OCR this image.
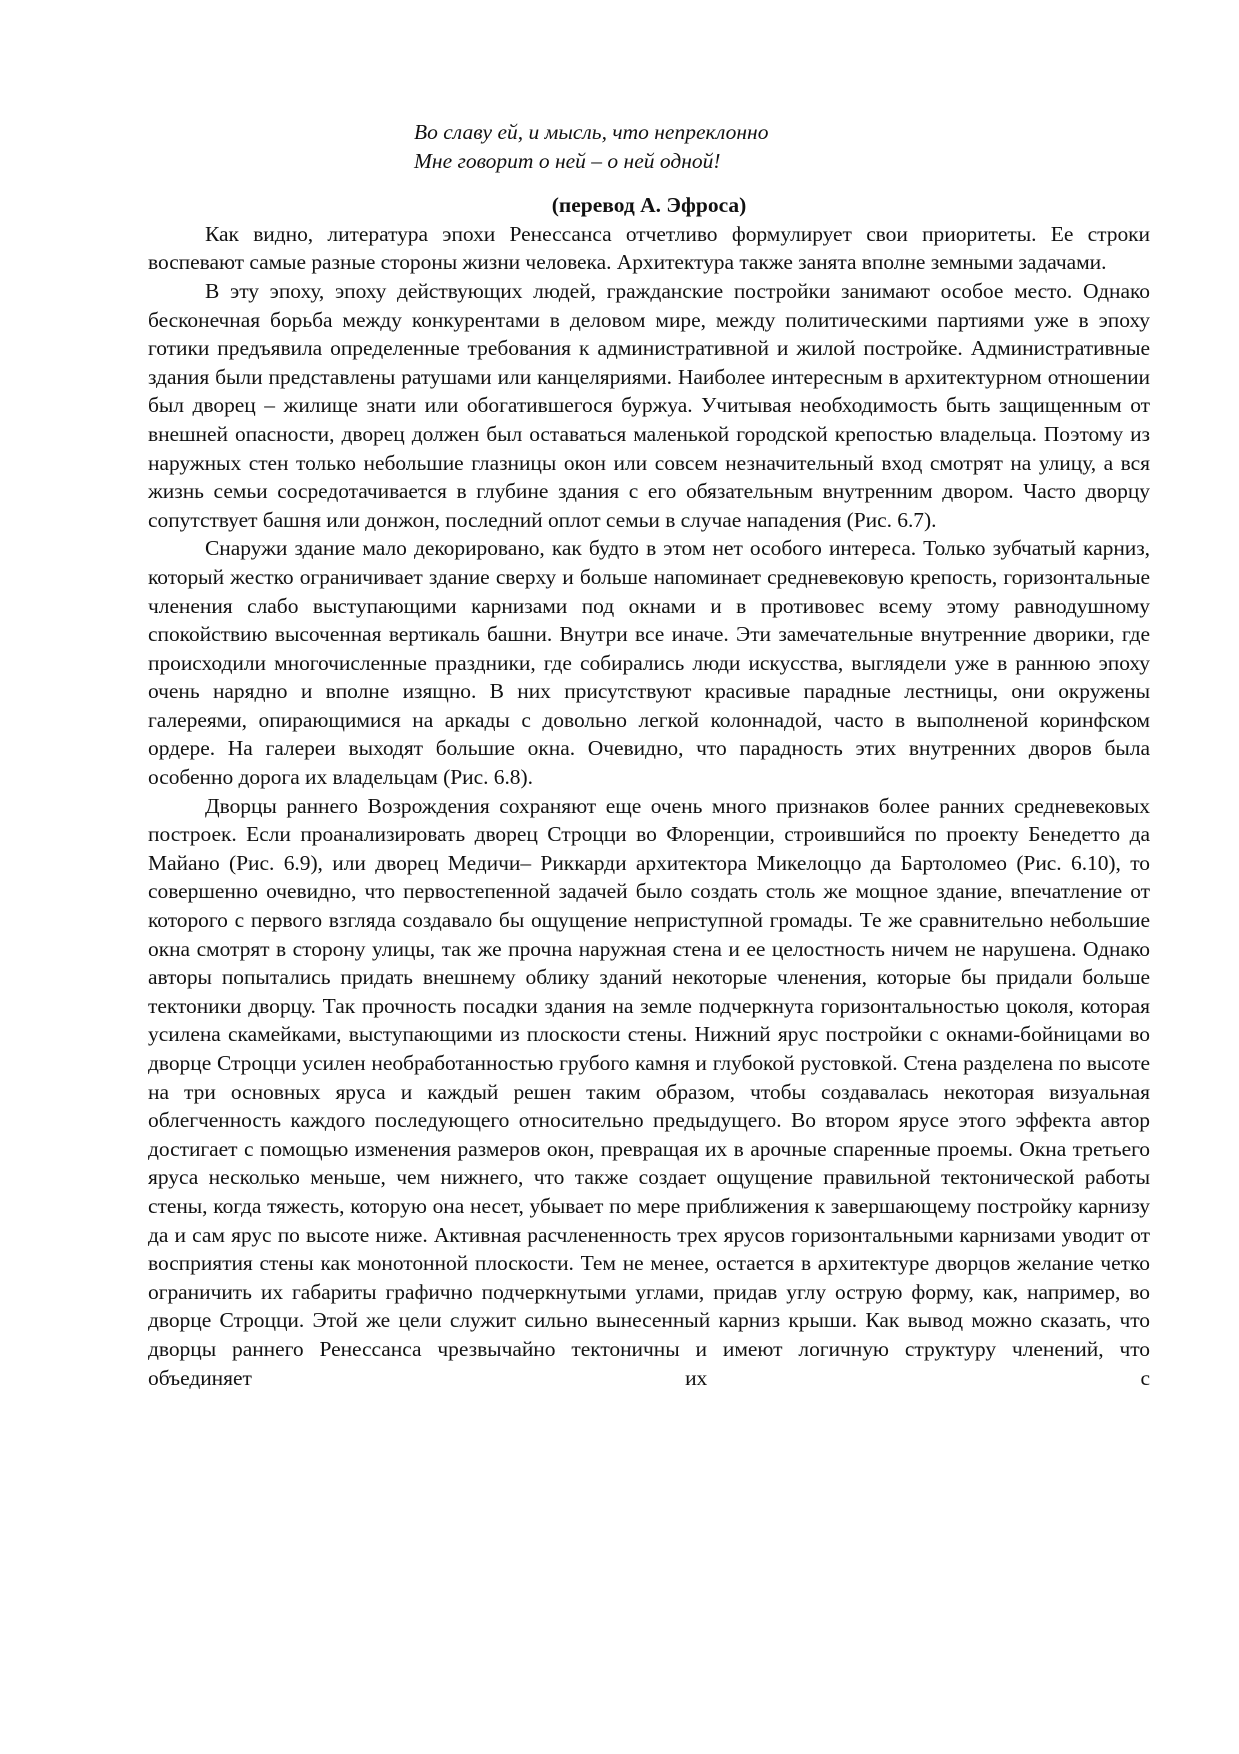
Во славу ей, и мысль, что непреклонно
Мне говорит о ней – о ней одной!
(перевод А. Эфроса)

Как видно, литература эпохи Ренессанса отчетливо формулирует свои приоритеты. Ее строки воспевают самые разные стороны жизни человека. Архитектура также занята вполне земными задачами.

В эту эпоху, эпоху действующих людей, гражданские постройки занимают особое место. Однако бесконечная борьба между конкурентами в деловом мире, между политическими партиями уже в эпоху готики предъявила определенные требования к административной и жилой постройке. Административные здания были представлены ратушами или канцеляриями. Наиболее интересным в архитектурном отношении был дворец – жилище знати или обогатившегося буржуа. Учитывая необходимость быть защищенным от внешней опасности, дворец должен был оставаться маленькой городской крепостью владельца. Поэтому из наружных стен только небольшие глазницы окон или совсем незначительный вход смотрят на улицу, а вся жизнь семьи сосредотачивается в глубине здания с его обязательным внутренним двором. Часто дворцу сопутствует башня или донжон, последний оплот семьи в случае нападения (Рис. 6.7).

Снаружи здание мало декорировано, как будто в этом нет особого интереса. Только зубчатый карниз, который жестко ограничивает здание сверху и больше напоминает средневековую крепость, горизонтальные членения слабо выступающими карнизами под окнами и в противовес всему этому равнодушному спокойствию высоченная вертикаль башни. Внутри все иначе. Эти замечательные внутренние дворики, где происходили многочисленные праздники, где собирались люди искусства, выглядели уже в раннюю эпоху очень нарядно и вполне изящно. В них присутствуют красивые парадные лестницы, они окружены галереями, опирающимися на аркады с довольно легкой колоннадой, часто в выполненой коринфском ордере. На галереи выходят большие окна. Очевидно, что парадность этих внутренних дворов была особенно дорога их владельцам (Рис. 6.8).

Дворцы раннего Возрождения сохраняют еще очень много признаков более ранних средневековых построек. Если проанализировать дворец Строцци во Флоренции, строившийся по проекту Бенедетто да Майано (Рис. 6.9), или дворец Медичи– Риккарди архитектора Микелоццо да Бартоломео (Рис. 6.10), то совершенно очевидно, что первостепенной задачей было создать столь же мощное здание, впечатление от которого с первого взгляда создавало бы ощущение неприступной громады. Те же сравнительно небольшие окна смотрят в сторону улицы, так же прочна наружная стена и ее целостность ничем не нарушена. Однако авторы попытались придать внешнему облику зданий некоторые членения, которые бы придали больше тектоники дворцу. Так прочность посадки здания на земле подчеркнута горизонтальностью цоколя, которая усилена скамейками, выступающими из плоскости стены. Нижний ярус постройки с окнами-бойницами во дворце Строцци усилен необработанностью грубого камня и глубокой рустовкой. Стена разделена по высоте на три основных яруса и каждый решен таким образом, чтобы создавалась некоторая визуальная облегченность каждого последующего относительно предыдущего. Во втором ярусе этого эффекта автор достигает с помощью изменения размеров окон, превращая их в арочные спаренные проемы. Окна третьего яруса несколько меньше, чем нижнего, что также создает ощущение правильной тектонической работы стены, когда тяжесть, которую она несет, убывает по мере приближения к завершающему постройку карнизу да и сам ярус по высоте ниже. Активная расчлененность трех ярусов горизонтальными карнизами уводит от восприятия стены как монотонной плоскости. Тем не менее, остается в архитектуре дворцов желание четко ограничить их габариты графично подчеркнутыми углами, придав углу острую форму, как, например, во дворце Строцци. Этой же цели служит сильно вынесенный карниз крыши. Как вывод можно сказать, что дворцы раннего Ренессанса чрезвычайно тектоничны и имеют логичную структуру членений, что объединяет их с
